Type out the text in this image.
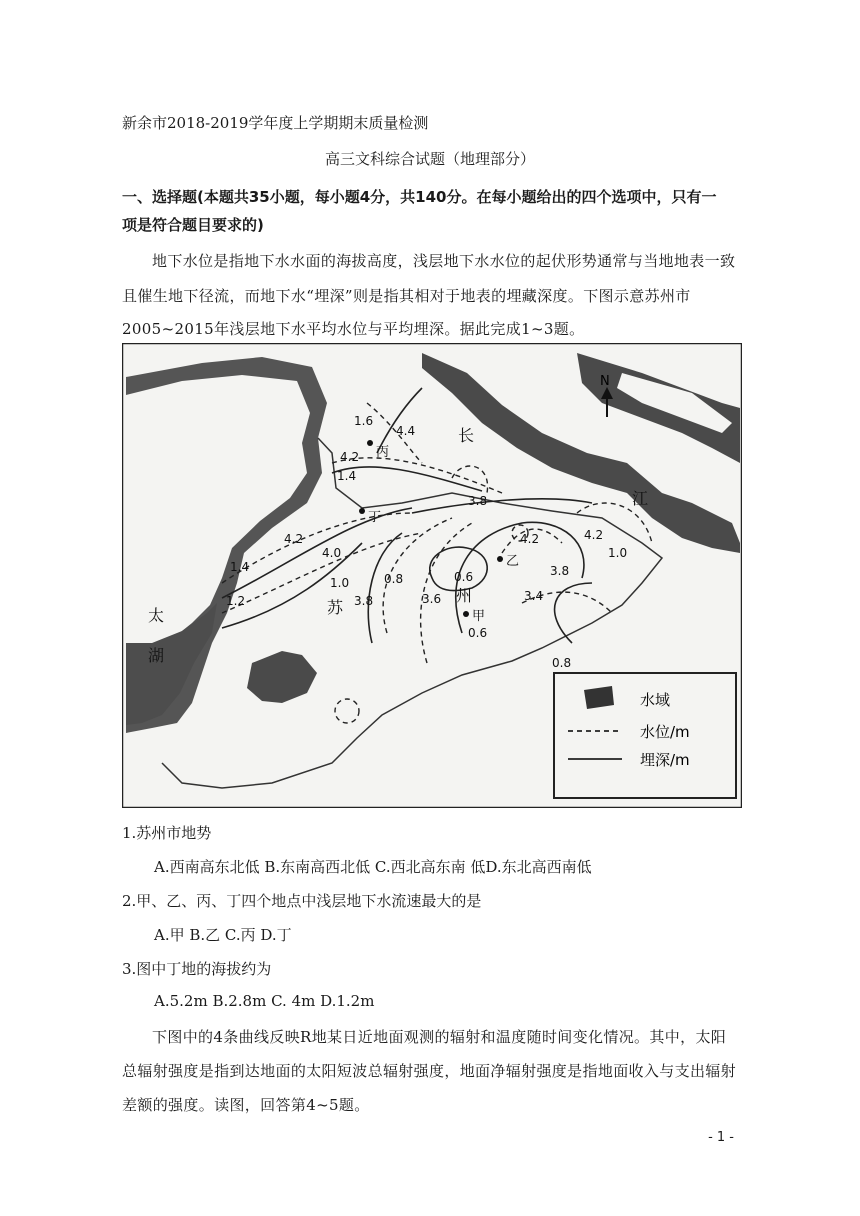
新余市2018-2019学年度上学期期末质量检测
高三文科综合试题（地理部分）
一、选择题(本题共35小题，每小题4分，共140分。在每小题给出的四个选项中，只有一
项是符合题目要求的)
地下水位是指地下水水面的海拔高度，浅层地下水水位的起伏形势通常与当地地表一致
且催生地下径流，而地下水“埋深”则是指其相对于地表的埋藏深度。下图示意苏州市
2005~2015年浅层地下水平均水位与平均埋深。据此完成1~3题。
长
江
太
湖
苏
州
甲
乙
丙
丁
1.6
4.4
4.2
1.4
3.8
4.2
1.0
4.2
4.0
1.4
1.2
1.0	0.8
3.8
0.6
3.6
0.6
3.8
3.4
0.8
4.2
N
水域
水位/m
埋深/m
1.苏州市地势
A.西南高东北低 B.东南高西北低 C.西北高东南 低D.东北高西南低
2.甲、乙、丙、丁四个地点中浅层地下水流速最大的是
A.甲 B.乙 C.丙 D.丁
3.图中丁地的海拔约为
A.5.2m B.2.8m C. 4m D.1.2m
下图中的4条曲线反映R地某日近地面观测的辐射和温度随时间变化情况。其中，太阳
总辐射强度是指到达地面的太阳短波总辐射强度，地面净辐射强度是指地面收入与支出辐射
差额的强度。读图，回答第4~5题。
- 1 -
